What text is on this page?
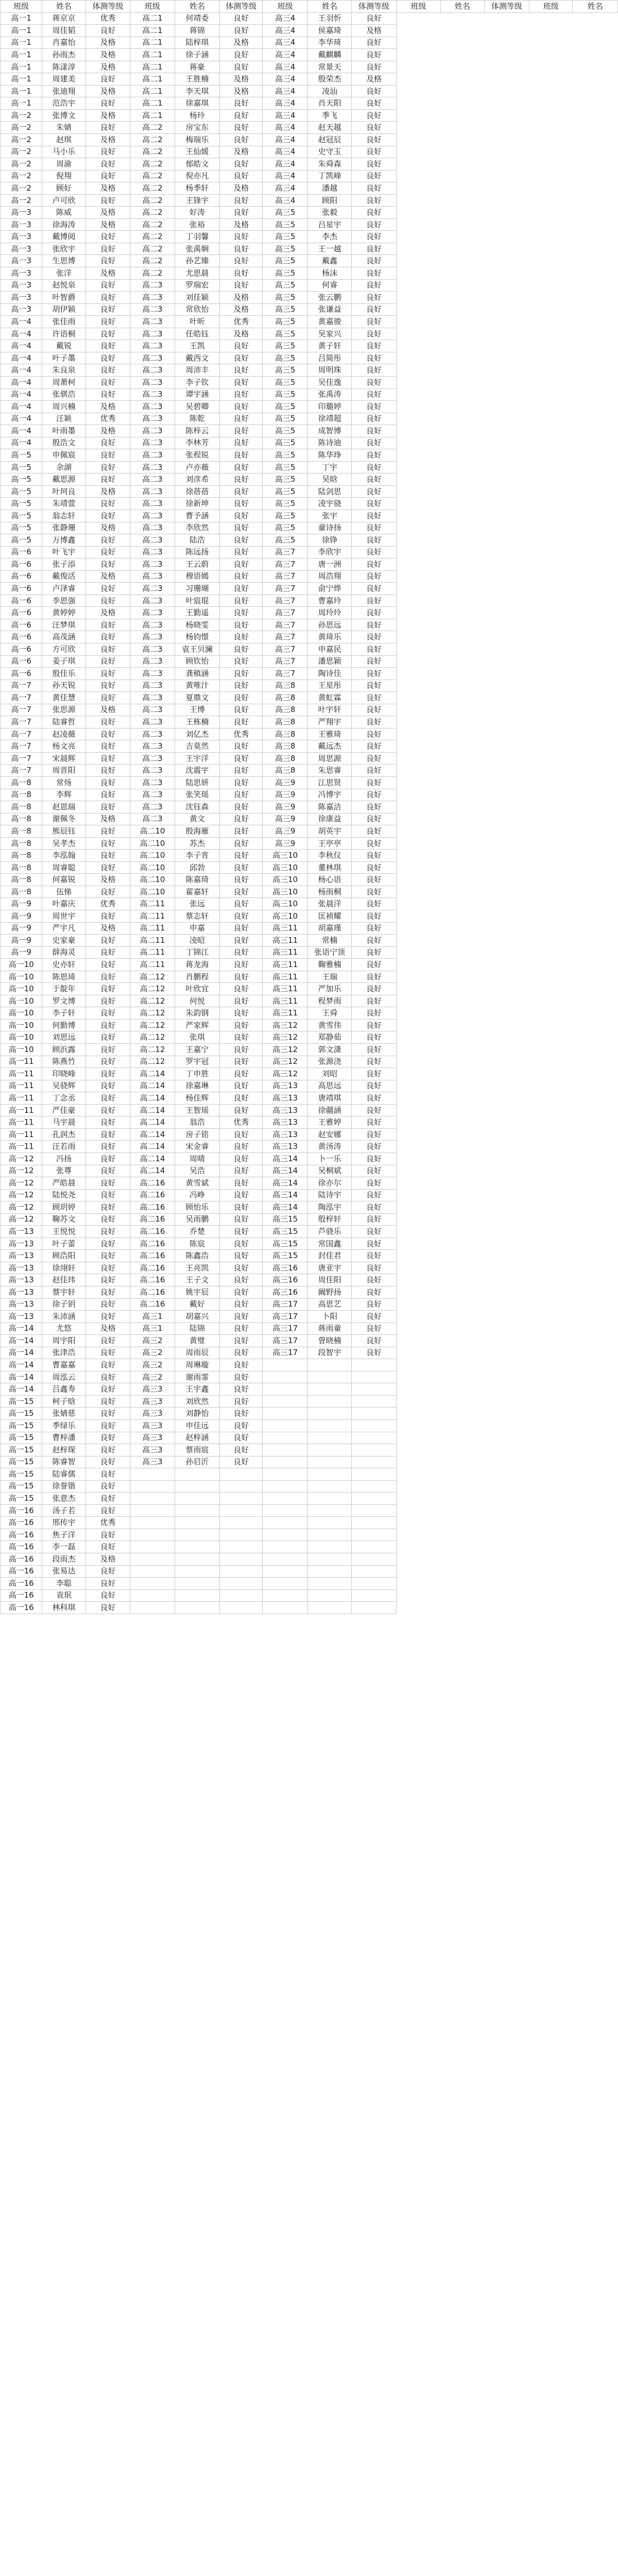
班级	姓名	体测等级	班级	姓名	体测等级	班级	姓名	体测等级	班级	姓名	体测等级	班级	姓名
高一1	蒋京京	优秀	高二1	何靖委	良好	高三4	王羽忻	良好					
高一1	周佳韬	良好	高二1	蒋锦	良好	高三4	侯嘉琦	及格					
高一1	肖嘉怡	及格	高二1	陆梓琪	及格	高三4	李华琦	良好					
高一1	孙雨杰	及格	高二1	徐子涵	良好	高三4	戴麒麟	良好					
高一1	陈漾淳	及格	高二1	蒋豪	良好	高三4	常景天	良好					
高一1	周建美	良好	高二1	王胜楠	及格	高三4	殷荣杰	及格					
高一1	张迪翔	及格	高二1	李天琪	及格	高三4	凌汕	良好					
高一1	范浩宇	良好	高二1	徐嘉琪	良好	高三4	肖天阳	良好					
高一2	张博文	及格	高二1	杨玲	良好	高三4	季飞	良好					
高一2	朱婧	良好	高二2	房宝东	良好	高三4	赵天越	良好					
高一2	赵琪	及格	高二2	梅瑞乐	良好	高三4	赵冠辰	良好					
高一2	马小乐	良好	高二2	王仙媛	及格	高三4	史守玉	良好					
高一2	周渝	良好	高二2	郁皓文	良好	高三4	朱舜森	良好					
高一2	倪翔	良好	高二2	倪亦凡	良好	高三4	丁凯峰	良好					
高一2	顾好	及格	高二2	杨季轩	及格	高三4	潘越	良好					
高一2	卢可欣	良好	高二2	王锋宇	良好	高三4	顾阳	良好					
高一3	陈威	及格	高二2	好涛	良好	高三5	张毅	良好					
高一3	徐海涛	及格	高二2	张裕	及格	高三5	吕星宇	良好					
高一3	戴博阅	良好	高二2	丁羽馨	良好	高三5	李杰	良好					
高一3	张欣宇	良好	高二2	张禹娴	良好	高三5	王一越	良好					
高一3	生思博	良好	高二2	孙艺臻	良好	高三5	戴鑫	良好					
高一3	张洋	及格	高二2	尤思晨	良好	高三5	杨沫	良好					
高一3	赵悦泉	良好	高二3	罗瑞宏	良好	高三5	何睿	良好					
高一3	叶智爵	良好	高二3	刘佳颖	及格	高三5	张云鹏	良好					
高一3	胡伊颖	良好	高二3	常欣怡	及格	高三5	张谦益	良好					
高一4	张佳雨	良好	高二3	叶昕	优秀	高三5	黄嘉骏	良好					
高一4	许语桐	良好	高二3	任皓钰	及格	高三5	吴家兴	良好					
高一4	戴锐	良好	高二3	王凯	良好	高三5	黄子轩	良好					
高一4	叶子墨	良好	高二3	戴西文	良好	高三5	吕简彤	良好					
高一4	朱良泉	良好	高二3	周沛丰	良好	高三5	周明珠	良好					
高一4	周萧柯	良好	高二3	李子钦	良好	高三5	吴佳逸	良好					
高一4	张骐浩	良好	高二3	谭宇涵	良好	高三5	张禹涛	良好					
高一4	周兴楠	及格	高二3	吴碧卿	良好	高三5	印璐婷	良好					
高一4	汪颖	优秀	高二3	陈乾	良好	高三5	徐靖超	良好					
高一4	叶雨墨	及格	高二3	陈梓云	良好	高三5	成智博	良好					
高一4	殷浩文	良好	高二3	李林芳	良好	高三5	陈诗迪	良好					
高一5	申佩宸	良好	高二3	张程锐	良好	高三5	陈华琤	良好					
高一5	余湖	良好	高二3	卢亦薇	良好	高三5	丁宇	良好					
高一5	戴思源	良好	高二3	刘彦希	良好	高三5	吴晗	良好					
高一5	叶珂良	及格	高二3	徐蓓蓓	良好	高三5	陆剑思	良好					
高一5	朱靖萱	良好	高二3	徐新坤	良好	高三5	凌宇骁	良好					
高一5	翁志轩	良好	高二3	曹予涵	良好	高三5	张宇	良好					
高一5	张静珊	及格	高二3	李欣然	良好	高三5	童诗扬	良好					
高一5	万博鑫	良好	高二3	陆浩	良好	高三5	徐铮	良好					
高一6	叶飞宇	良好	高二3	陈远扬	良好	高三7	李欣宇	良好					
高一6	张子添	良好	高二3	王云蔚	良好	高三7	唐一洲	良好					
高一6	戴俊活	及格	高二3	穆语嫣	良好	高三7	周浩翔	良好					
高一6	卢泽睿	良好	高二3	习珊瑚	良好	高三7	俞宁烨	良好					
高一6	李思强	良好	高二3	叶宸琨	良好	高三7	曹嘉玲	良好					
高一6	黄婷婷	及格	高二3	王勤遥	良好	高三7	周玲玲	良好					
高一6	汪梦琪	良好	高二3	杨晓雯	良好	高三7	孙思远	良好					
高一6	高茂涵	良好	高二3	杨钧憬	良好	高三7	黄琦乐	良好					
高一6	方可欣	良好	高二3	袁王贝澜	良好	高三7	申嘉民	良好					
高一6	姜子琪	良好	高二3	顾钦怡	良好	高三7	潘思颖	良好					
高一6	殷佳乐	良好	高二3	龚稹涵	良好	高三7	陶诗佳	良好					
高一7	孙天锐	良好	高二3	黄唯汁	良好	高三8	王星彤	良好					
高一7	黄佳慧	良好	高二3	夏鼎文	良好	高三8	黄虹霖	良好					
高一7	张思源	及格	高二3	王博	良好	高三8	叶宇轩	良好					
高一7	陆睿哲	良好	高二3	王栋楠	良好	高三8	严翔宇	良好					
高一7	赵凌薇	良好	高二3	刘亿杰	优秀	高三8	王雅琦	良好					
高一7	杨文亮	良好	高二3	吉莫然	良好	高三8	戴远杰	良好					
高一7	宋晨辉	良好	高二3	王宇洋	良好	高三8	周思源	良好					
高一7	周晋阳	良好	高二3	沈震宇	良好	高三8	朱思睿	良好					
高一8	常炀	良好	高二3	陆思妍	良好	高三9	江思贤	良好					
高一8	李辉	良好	高二3	张笑瑶	良好	高三9	冯博宇	良好					
高一8	赵恩瑞	良好	高二3	沈钰森	良好	高三9	陈嘉洁	良好					
高一8	谢佩冬	及格	高二3	黄文	良好	高三9	徐康益	良好					
高一8	熊辰钰	良好	高二10	殷海雁	良好	高三9	胡英宇	良好					
高一8	吴孝杰	良好	高二10	苏杰	良好	高三9	王亭亭	良好					
高一8	李泓翰	良好	高二10	李子宵	良好	高三10	李秋仪	良好					
高一8	周睿聪	良好	高二10	邱勃	良好	高三10	董林琪	良好					
高一8	何嘉锐	及格	高二10	陈嘉琦	良好	高三10	杨心语	良好					
高一8	伍悌	良好	高二10	翟嘉轩	良好	高三10	杨雨桐	良好					
高一9	叶嘉庆	优秀	高二11	张远	良好	高三10	张晨洋	良好					
高一9	周世宇	良好	高二11	蔡志轩	良好	高三10	匡祯耀	良好					
高一9	严宇凡	及格	高二11	申嘉	良好	高三11	胡嘉瑾	良好					
高一9	史家豪	良好	高二11	凌昭	良好	高三11	常楠	良好					
高一9	薛海灵	良好	高二11	丁锦江	良好	高三11	张语宁顶	良好					
高一10	史亦轩	良好	高二11	蒋龙海	良好	高三11	鞠雅楠	良好					
高一10	陈思琦	良好	高二12	肖鹏程	良好	高三11	王瑞	良好					
高一10	于靛年	良好	高二12	叶欣宜	良好	高三11	严加乐	良好					
高一10	罗文博	良好	高二12	何悦	良好	高三11	程梦雨	良好					
高一10	李子轩	良好	高二12	朱韵钢	良好	高三11	王舜	良好					
高一10	何勤博	良好	高二12	严家辉	良好	高三12	黄雪伟	良好					
高一10	刘思远	良好	高二12	张琪	良好	高三12	郑静茹	良好					
高一10	顾浜露	良好	高二12	王嘉宁	良好	高三12	郭文潇	良好					
高一11	陈燕竹	良好	高二12	罗宇冠	良好	高三12	张源浇	良好					
高一11	印晓峰	良好	高二14	丁申胜	良好	高三12	刘昭	良好					
高一11	吴骁辉	良好	高二14	徐嘉琳	良好	高三13	高思远	良好					
高一11	丁念丞	良好	高二14	杨佳辉	良好	高三13	唐靖琪	良好					
高一11	严佳豪	良好	高二14	王智瑶	良好	高三13	徐疆涵	良好					
高一11	马宇晨	良好	高二14	翁浩	优秀	高三13	王雅婷	良好					
高一11	孔润杰	良好	高二14	房子铭	良好	高三13	赵安娜	良好					
高一11	汪若雨	良好	高二14	宋金睿	良好	高三13	黄汤涛	良好					
高一12	冯扬	良好	高二14	周晴	良好	高三14	卜一乐	良好					
高一12	张尊	良好	高二14	吴浩	良好	高三14	吴桐斌	良好					
高一12	严皓晨	良好	高二16	黄雪斌	良好	高三14	徐亦尔	良好					
高一12	陆悦尧	良好	高二16	冯峥	良好	高三14	陆诗宇	良好					
高一12	顾玥婷	良好	高二16	顾怡乐	良好	高三14	陶泓宇	良好					
高一12	鞠苏文	良好	高二16	吴雨鹏	良好	高三15	殷梓轩	良好					
高一13	王悦悦	良好	高二16	乔楚	良好	高三15	芦骁乐	良好					
高一13	叶子蕾	良好	高二16	陈宸	良好	高三15	常国鑫	良好					
高一13	顾浩阳	良好	高二16	陈鑫浩	良好	高三15	封佳君	良好					
高一13	徐翊轩	良好	高二16	王亮凯	良好	高三16	唐亚宇	良好					
高一13	赵佳玮	良好	高二16	王子文	良好	高三16	周佳阳	良好					
高一13	蔡宇轩	良好	高二16	姚宇辰	良好	高三16	阚野扬	良好					
高一13	徐子钥	良好	高二16	戴好	良好	高三17	高思艺	良好					
高一13	朱沛涵	良好	高三1	胡嘉兴	良好	高三17	卜阳	良好					
高一14	尤悠	及格	高三1	陆锦	良好	高三17	蒋雨童	良好					
高一14	周宇阳	良好	高三2	黄璧	良好	高三17	曾晓楠	良好					
高一14	张津浩	良好	高三2	周雨辰	良好	高三17	段智宇	良好					
高一14	曹嘉嘉	良好	高三2	周琳璇	良好								
高一14	周泓云	良好	高三2	谢雨霏	良好								
高一14	吕鑫寿	良好	高三3	王宇鑫	良好								
高一15	柯子晗	良好	高三3	刘欣然	良好								
高一15	张婧慈	良好	高三3	刘静怡	良好								
高一15	季绿乐	良好	高三3	申佳远	良好								
高一15	曹梓潘	良好	高三3	赵梓涵	良好								
高一15	赵梓琛	良好	高三3	蔡雨宸	良好								
高一15	陈睿智	良好	高三3	孙启沂	良好								
高一15	陆睿儒	良好											
高一15	徐誉锴	良好											
高一15	张意杰	良好											
高一16	汤子若	良好											
高一16	邢传宇	优秀											
高一16	焦子洋	良好											
高一16	李一磊	良好											
高一16	段雨杰	及格											
高一16	张易达	良好											
高一16	李聪	良好											
高一16	袁珉	良好											
高一16	林科琪	良好											
